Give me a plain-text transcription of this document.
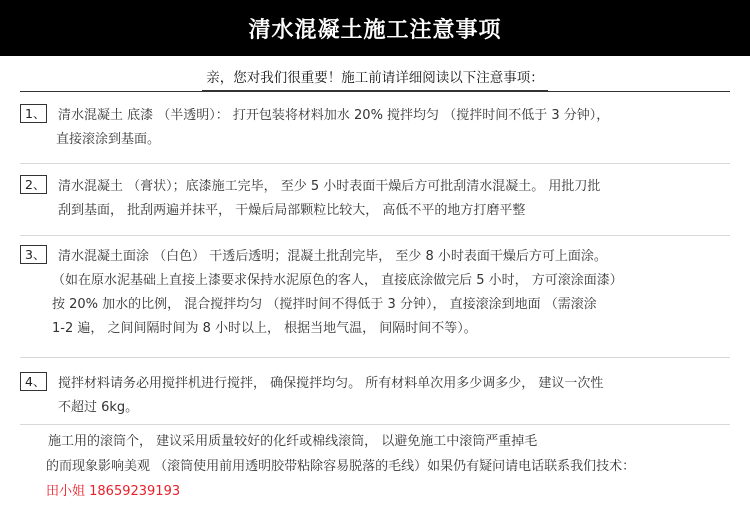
清水混凝土施工注意事项
亲，您对我们很重要！施工前请详细阅读以下注意事项：
1、 清水混凝土 底漆 （半透明）： 打开包装将材料加水 20% 搅拌均匀 （搅拌时间不低于 3 分钟），
直接滚涂到基面。
2、 清水混凝土 （膏状）；底漆施工完毕， 至少 5 小时表面干燥后方可批刮清水混凝土。 用批刀批
刮到基面， 批刮两遍并抹平， 干燥后局部颗粒比较大， 高低不平的地方打磨平整
3、 清水混凝土面涂 （白色） 干透后透明；混凝土批刮完毕， 至少 8 小时表面干燥后方可上面涂。
（如在原水泥基础上直接上漆要求保持水泥原色的客人， 直接底涂做完后 5 小时， 方可滚涂面漆）
按 20% 加水的比例， 混合搅拌均匀 （搅拌时间不得低于 3 分钟）， 直接滚涂到地面 （需滚涂
1-2 遍， 之间间隔时间为 8 小时以上， 根据当地气温， 间隔时间不等）。
4、 搅拌材料请务必用搅拌机进行搅拌， 确保搅拌均匀。 所有材料单次用多少调多少， 建议一次性
不超过 6kg。
施工用的滚筒个， 建议采用质量较好的化纤或棉线滚筒， 以避免施工中滚筒严重掉毛
的而现象影响美观 （滚筒使用前用透明胶带粘除容易脱落的毛线）如果仍有疑问请电话联系我们技术：
田小姐 18659239193
